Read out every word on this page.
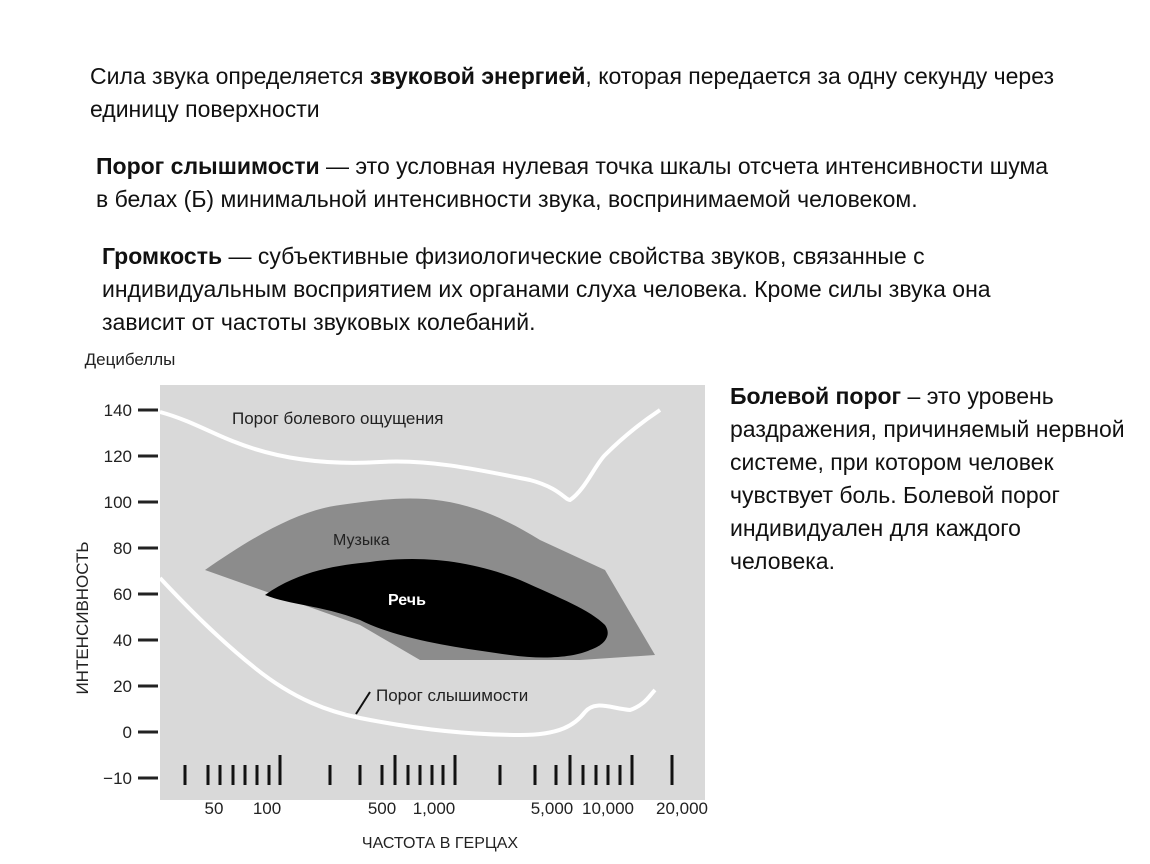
Сила звука определяется звуковой энергией, которая передается за одну секунду через единицу поверхности

Порог слышимости — это условная нулевая точка шкалы отсчета интенсивности шума в белах (Б) минимальной интенсивности звука, воспринимаемой человеком.

Громкость — субъективные физиологические свойства звуков, связанные с индивидуальным восприятием их органами слуха человека. Кроме силы звука она зависит от частоты звуковых колебаний.

Болевой порог – это уровень раздражения, причиняемый нервной системе, при котором человек чувствует боль. Болевой порог индивидуален для каждого человека.

140
120
100
80
60
40
20
0
−10
50 100	500 1,000	5,000 10,000 20,000
Децибеллы
ЧАСТОТА В ГЕРЦАХ
ИНТЕНСИВНОСТЬ
Порог болевого ощущения
Музыка
Речь
Порог слышимости
